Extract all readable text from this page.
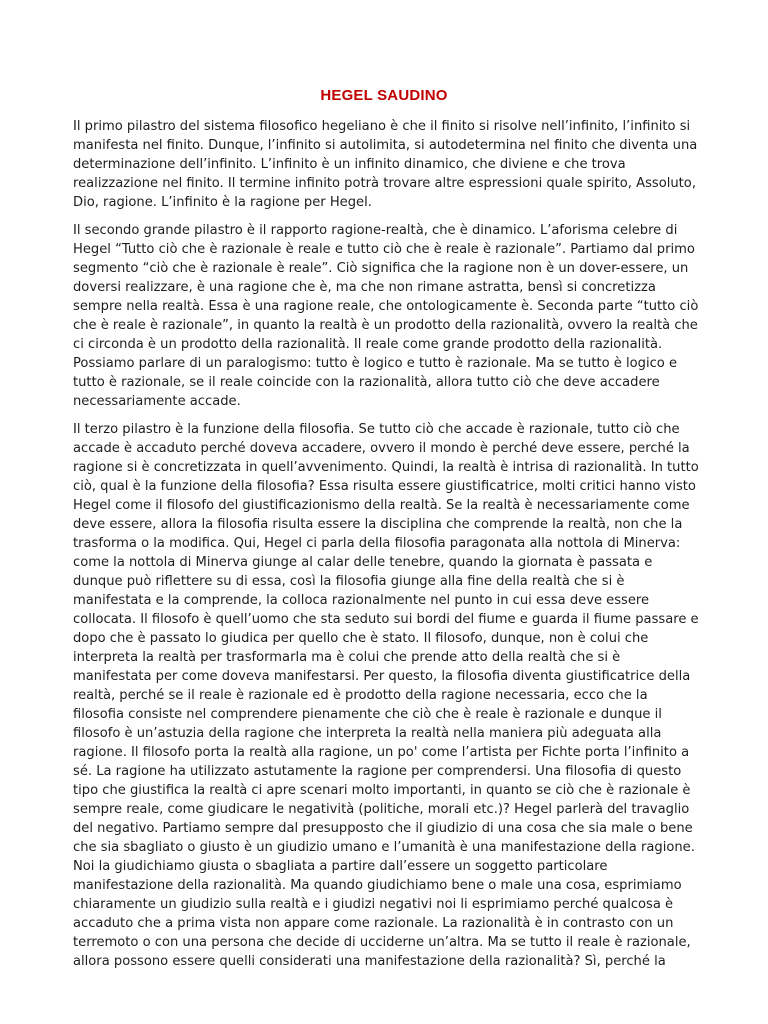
HEGEL SAUDINO

Il primo pilastro del sistema filosofico hegeliano è che il finito si risolve nell’infinito, l’infinito si manifesta nel finito. Dunque, l’infinito si autolimita, si autodetermina nel finito che diventa una determinazione dell’infinito. L’infinito è un infinito dinamico, che diviene e che trova realizzazione nel finito. Il termine infinito potrà trovare altre espressioni quale spirito, Assoluto, Dio, ragione. L’infinito è la ragione per Hegel.

Il secondo grande pilastro è il rapporto ragione-realtà, che è dinamico. L’aforisma celebre di Hegel “Tutto ciò che è razionale è reale e tutto ciò che è reale è razionale”. Partiamo dal primo segmento “ciò che è razionale è reale”. Ciò significa che la ragione non è un dover-essere, un doversi realizzare, è una ragione che è, ma che non rimane astratta, bensì si concretizza sempre nella realtà. Essa è una ragione reale, che ontologicamente è. Seconda parte “tutto ciò che è reale è razionale”, in quanto la realtà è un prodotto della razionalità, ovvero la realtà che ci circonda è un prodotto della razionalità. Il reale come grande prodotto della razionalità. Possiamo parlare di un paralogismo: tutto è logico e tutto è razionale. Ma se tutto è logico e tutto è razionale, se il reale coincide con la razionalità, allora tutto ciò che deve accadere necessariamente accade.

Il terzo pilastro è la funzione della filosofia. Se tutto ciò che accade è razionale, tutto ciò che accade è accaduto perché doveva accadere, ovvero il mondo è perché deve essere, perché la ragione si è concretizzata in quell’avvenimento. Quindi, la realtà è intrisa di razionalità. In tutto ciò, qual è la funzione della filosofia? Essa risulta essere giustificatrice, molti critici hanno visto Hegel come il filosofo del giustificazionismo della realtà. Se la realtà è necessariamente come deve essere, allora la filosofia risulta essere la disciplina che comprende la realtà, non che la trasforma o la modifica. Qui, Hegel ci parla della filosofia paragonata alla nottola di Minerva: come la nottola di Minerva giunge al calar delle tenebre, quando la giornata è passata e dunque può riflettere su di essa, così la filosofia giunge alla fine della realtà che si è manifestata e la comprende, la colloca razionalmente nel punto in cui essa deve essere collocata. Il filosofo è quell’uomo che sta seduto sui bordi del fiume e guarda il fiume passare e dopo che è passato lo giudica per quello che è stato. Il filosofo, dunque, non è colui che interpreta la realtà per trasformarla ma è colui che prende atto della realtà che si è manifestata per come doveva manifestarsi. Per questo, la filosofia diventa giustificatrice della realtà, perché se il reale è razionale ed è prodotto della ragione necessaria, ecco che la filosofia consiste nel comprendere pienamente che ciò che è reale è razionale e dunque il filosofo è un’astuzia della ragione che interpreta la realtà nella maniera più adeguata alla ragione. Il filosofo porta la realtà alla ragione, un po' come l’artista per Fichte porta l’infinito a sé. La ragione ha utilizzato astutamente la ragione per comprendersi. Una filosofia di questo tipo che giustifica la realtà ci apre scenari molto importanti, in quanto se ciò che è razionale è sempre reale, come giudicare le negatività (politiche, morali etc.)? Hegel parlerà del travaglio del negativo. Partiamo sempre dal presupposto che il giudizio di una cosa che sia male o bene che sia sbagliato o giusto è un giudizio umano e l’umanità è una manifestazione della ragione. Noi la giudichiamo giusta o sbagliata a partire dall’essere un soggetto particolare manifestazione della razionalità. Ma quando giudichiamo bene o male una cosa, esprimiamo chiaramente un giudizio sulla realtà e i giudizi negativi noi li esprimiamo perché qualcosa è accaduto che a prima vista non appare come razionale. La razionalità è in contrasto con un terremoto o con una persona che decide di ucciderne un’altra. Ma se tutto il reale è razionale, allora possono essere quelli considerati una manifestazione della razionalità? Sì, perché la
